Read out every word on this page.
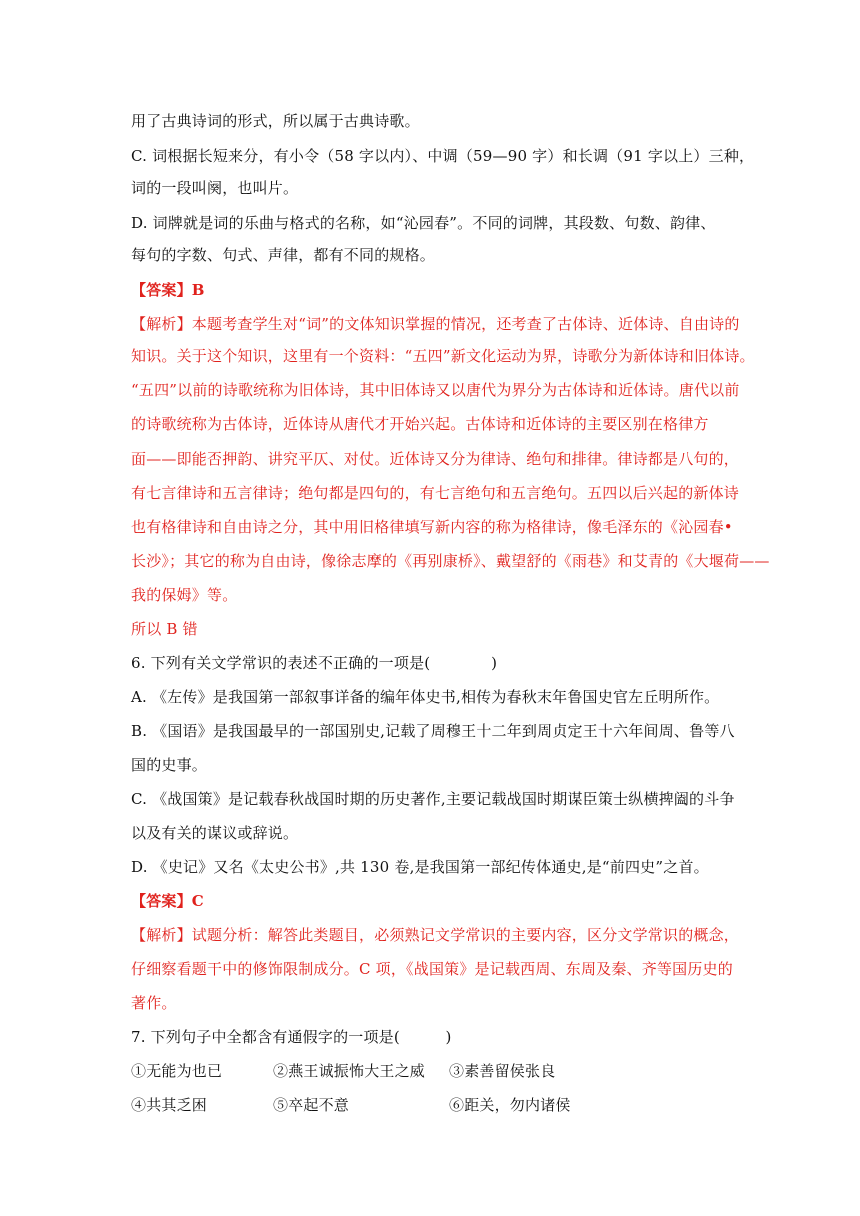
用了古典诗词的形式，所以属于古典诗歌。
C. 词根据长短来分，有小令（58 字以内）、中调（59—90 字）和长调（91 字以上）三种，
词的一段叫阕，也叫片。
D. 词牌就是词的乐曲与格式的名称，如“沁园春”。不同的词牌，其段数、句数、韵律、
每句的字数、句式、声律，都有不同的规格。
【答案】B
【解析】本题考查学生对“词”的文体知识掌握的情况，还考查了古体诗、近体诗、自由诗的
知识。关于这个知识，这里有一个资料：“五四”新文化运动为界，诗歌分为新体诗和旧体诗。
“五四”以前的诗歌统称为旧体诗，其中旧体诗又以唐代为界分为古体诗和近体诗。唐代以前
的诗歌统称为古体诗，近体诗从唐代才开始兴起。古体诗和近体诗的主要区别在格律方
面——即能否押韵、讲究平仄、对仗。近体诗又分为律诗、绝句和排律。律诗都是八句的，
有七言律诗和五言律诗；绝句都是四句的，有七言绝句和五言绝句。五四以后兴起的新体诗
也有格律诗和自由诗之分，其中用旧格律填写新内容的称为格律诗，像毛泽东的《沁园春•
长沙》；其它的称为自由诗，像徐志摩的《再别康桥》、戴望舒的《雨巷》和艾青的《大堰荷——
我的保姆》等。
所以 B 错
6. 下列有关文学常识的表述不正确的一项是(　　　　)
A. 《左传》是我国第一部叙事详备的编年体史书,相传为春秋末年鲁国史官左丘明所作。
B. 《国语》是我国最早的一部国别史,记载了周穆王十二年到周贞定王十六年间周、鲁等八
国的史事。
C. 《战国策》是记载春秋战国时期的历史著作,主要记载战国时期谋臣策士纵横捭阖的斗争
以及有关的谋议或辞说。
D. 《史记》又名《太史公书》,共 130 卷,是我国第一部纪传体通史,是“前四史”之首。
【答案】C
【解析】试题分析：解答此类题目，必须熟记文学常识的主要内容，区分文学常识的概念，
仔细察看题干中的修饰限制成分。C 项，《战国策》是记载西周、东周及秦、齐等国历史的
著作。
7. 下列句子中全都含有通假字的一项是(　　　)
①无能为也已	②燕王诚振怖大王之威	③素善留侯张良
④共其乏困	⑤卒起不意	⑥距关，勿内诸侯
